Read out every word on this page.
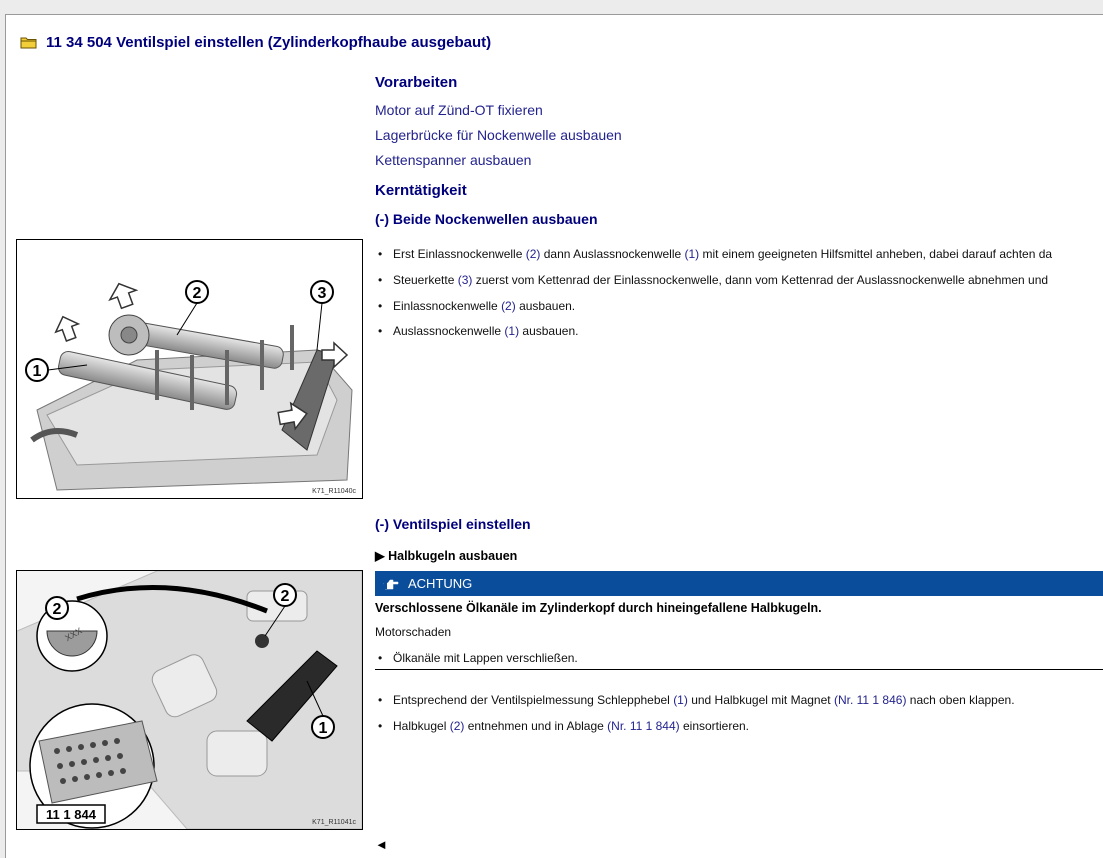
11 34 504 Ventilspiel einstellen (Zylinderkopfhaube ausgebaut)
Vorarbeiten
Motor auf Zünd-OT fixieren
Lagerbrücke für Nockenwelle ausbauen
Kettenspanner ausbauen
Kerntätigkeit
(-) Beide Nockenwellen ausbauen
1
2	3
K71_R11040c
• Erst Einlassnockenwelle (2) dann Auslassnockenwelle (1) mit einem geeigneten Hilfsmittel anheben, dabei darauf achten da
• Steuerkette (3) zuerst vom Kettenrad der Einlassnockenwelle, dann vom Kettenrad der Auslassnockenwelle abnehmen und
• Einlassnockenwelle (2) ausbauen.
• Auslassnockenwelle (1) ausbauen.
(-) Ventilspiel einstellen
▶ Halbkugeln ausbauen
ACHTUNG
Verschlossene Ölkanäle im Zylinderkopf durch hineingefallene Halbkugeln.
Motorschaden
• Ölkanäle mit Lappen verschließen.
• Entsprechend der Ventilspielmessung Schlepphebel (1) und Halbkugel mit Magnet (Nr. 11 1 846) nach oben klappen.
• Halbkugel (2) entnehmen und in Ablage (Nr. 11 1 844) einsortieren.
XXX
11 1 844
2
2
1
K71_R11041c
◄
